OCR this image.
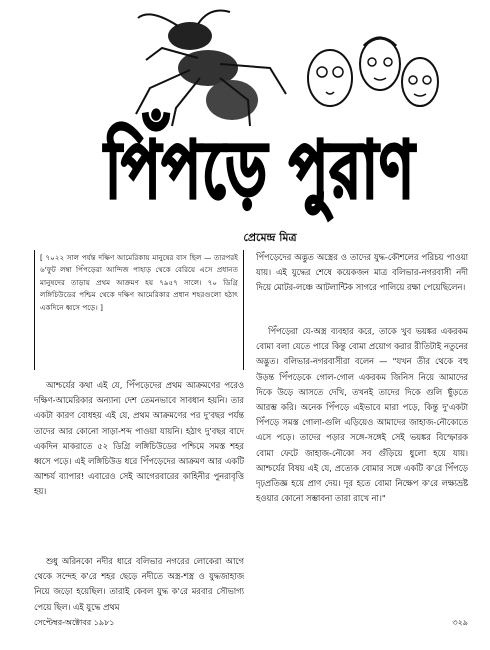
পিঁপড়ে পুরাণ
প্রেমেন্দ্র মিত্র
[ ৭০২২ সাল পর্যন্ত দক্ষিণ আমেরিকায় মানুষের বাস ছিল — তারপরই ৬'ফুট লম্বা পিঁপড়েরা আন্দিজ পাহাড় থেকে বেরিয়ে এসে প্রধানত মানুষদের তাড়ায় প্রথম আক্রমণ হয় ৭৯৫৭ সালে। ৭০ ডিগ্রি লঙ্গিচিউডের পশ্চিম থেকে দক্ষিণ আমেরিকার প্রধান শহরগুলো হঠাৎ একদিনে ধ্বসে পড়ে। ]

আশ্চর্যের কথা এই যে, পিঁপড়েদের প্রথম আক্রমণের পরেও দক্ষিণ-আমেরিকার অন্যান্য দেশ তেমনভাবে সাবধান হয়নি। তার একটা কারণ বোধহয় এই যে, প্রথম আক্রমণের পর দু'বছর পর্যন্ত তাদের আর কোনো সাড়া-শব্দ পাওয়া যায়নি। হঠাৎ দু'বছর বাদে একদিন মাকরাতে ৫২ ডিগ্রি লঙ্গিচিউডের পশ্চিমে সমস্ত শহর ধ্বসে পড়ে। এই লঙ্গিচিউড ধরে পিঁপড়েদের আক্রমণ আর একটি আশ্চর্য ব্যাপার! এবারেও সেই আগেরবারের কাহিনীর পুনরাবৃত্তি হয়।

শুধু অরিনকো নদীর ধারে বলিভার নগরের লোকেরা আগে থেকে সন্দেহ ক'রে শহর ছেড়ে নদীতে অস্ত্র-শস্ত্র ও যুদ্ধজাহাজ নিয়ে জড়ো হয়েছিল। তারাই কেবল যুদ্ধ ক'রে মরবার সৌভাগ্য পেয়ে ছিল। এই যুদ্ধে প্রথম

পিঁপড়েদের অদ্ভুত অস্ত্রের ও তাদের যুদ্ধ-কৌশলের পরিচয় পাওয়া যায়। এই যুদ্ধের শেষে কয়েকজন মাত্র বলিভার-নগরবাসী নদী দিয়ে মোটর-লঞ্চে আটলান্টিক সাগরে পালিয়ে রক্ষা পেয়েছিলেন।

পিঁপড়েরা যে-অস্ত্র ব্যবহার করে, তাকে খুব ভয়ঙ্কর একরকম বোমা বলা যেতে পারে কিন্তু বোমা প্রয়োগ করার রীতিটাই নতুনের অদ্ভুত। বলিভার-নগরবাসীরা বলেন — "যখন তীর থেকে বহু উড়ন্ত পিঁপড়েকে গোল-গোল একরকম জিনিস নিয়ে আমাদের দিকে উড়ে আসতে দেখি, তখনই তাদের দিকে গুলি ছুঁড়তে আরম্ভ করি। অনেক পিঁপড়ে এইভাবে মারা পড়ে, কিন্তু দু'একটা পিঁপড়ে সমস্ত গোলা-গুলি এড়িয়েও আমাদের জাহাজ-নৌকোতে এসে পড়ে। তাদের পড়ার সঙ্গে-সঙ্গেই সেই ভয়ঙ্কর বিস্ফোরক বোমা ফেটে জাহাজ-নৌকো সব গুঁড়িয়ে ধুলো হয়ে যায়। আশ্চর্যের বিষয় এই যে, প্রত্যেক বোমার সঙ্গে একটি ক'রে পিঁপড়ে দৃঢ়প্রতিজ্ঞ হয়ে প্রাণ দেয়। দূর হতে বোমা নিক্ষেপ ক'রে লক্ষ্যভ্রষ্ট হওয়ার কোনো সম্ভাবনা তারা রাখে না।"

সেপ্টেম্বর-অক্টোবর ১৯৮১	৩২৯
